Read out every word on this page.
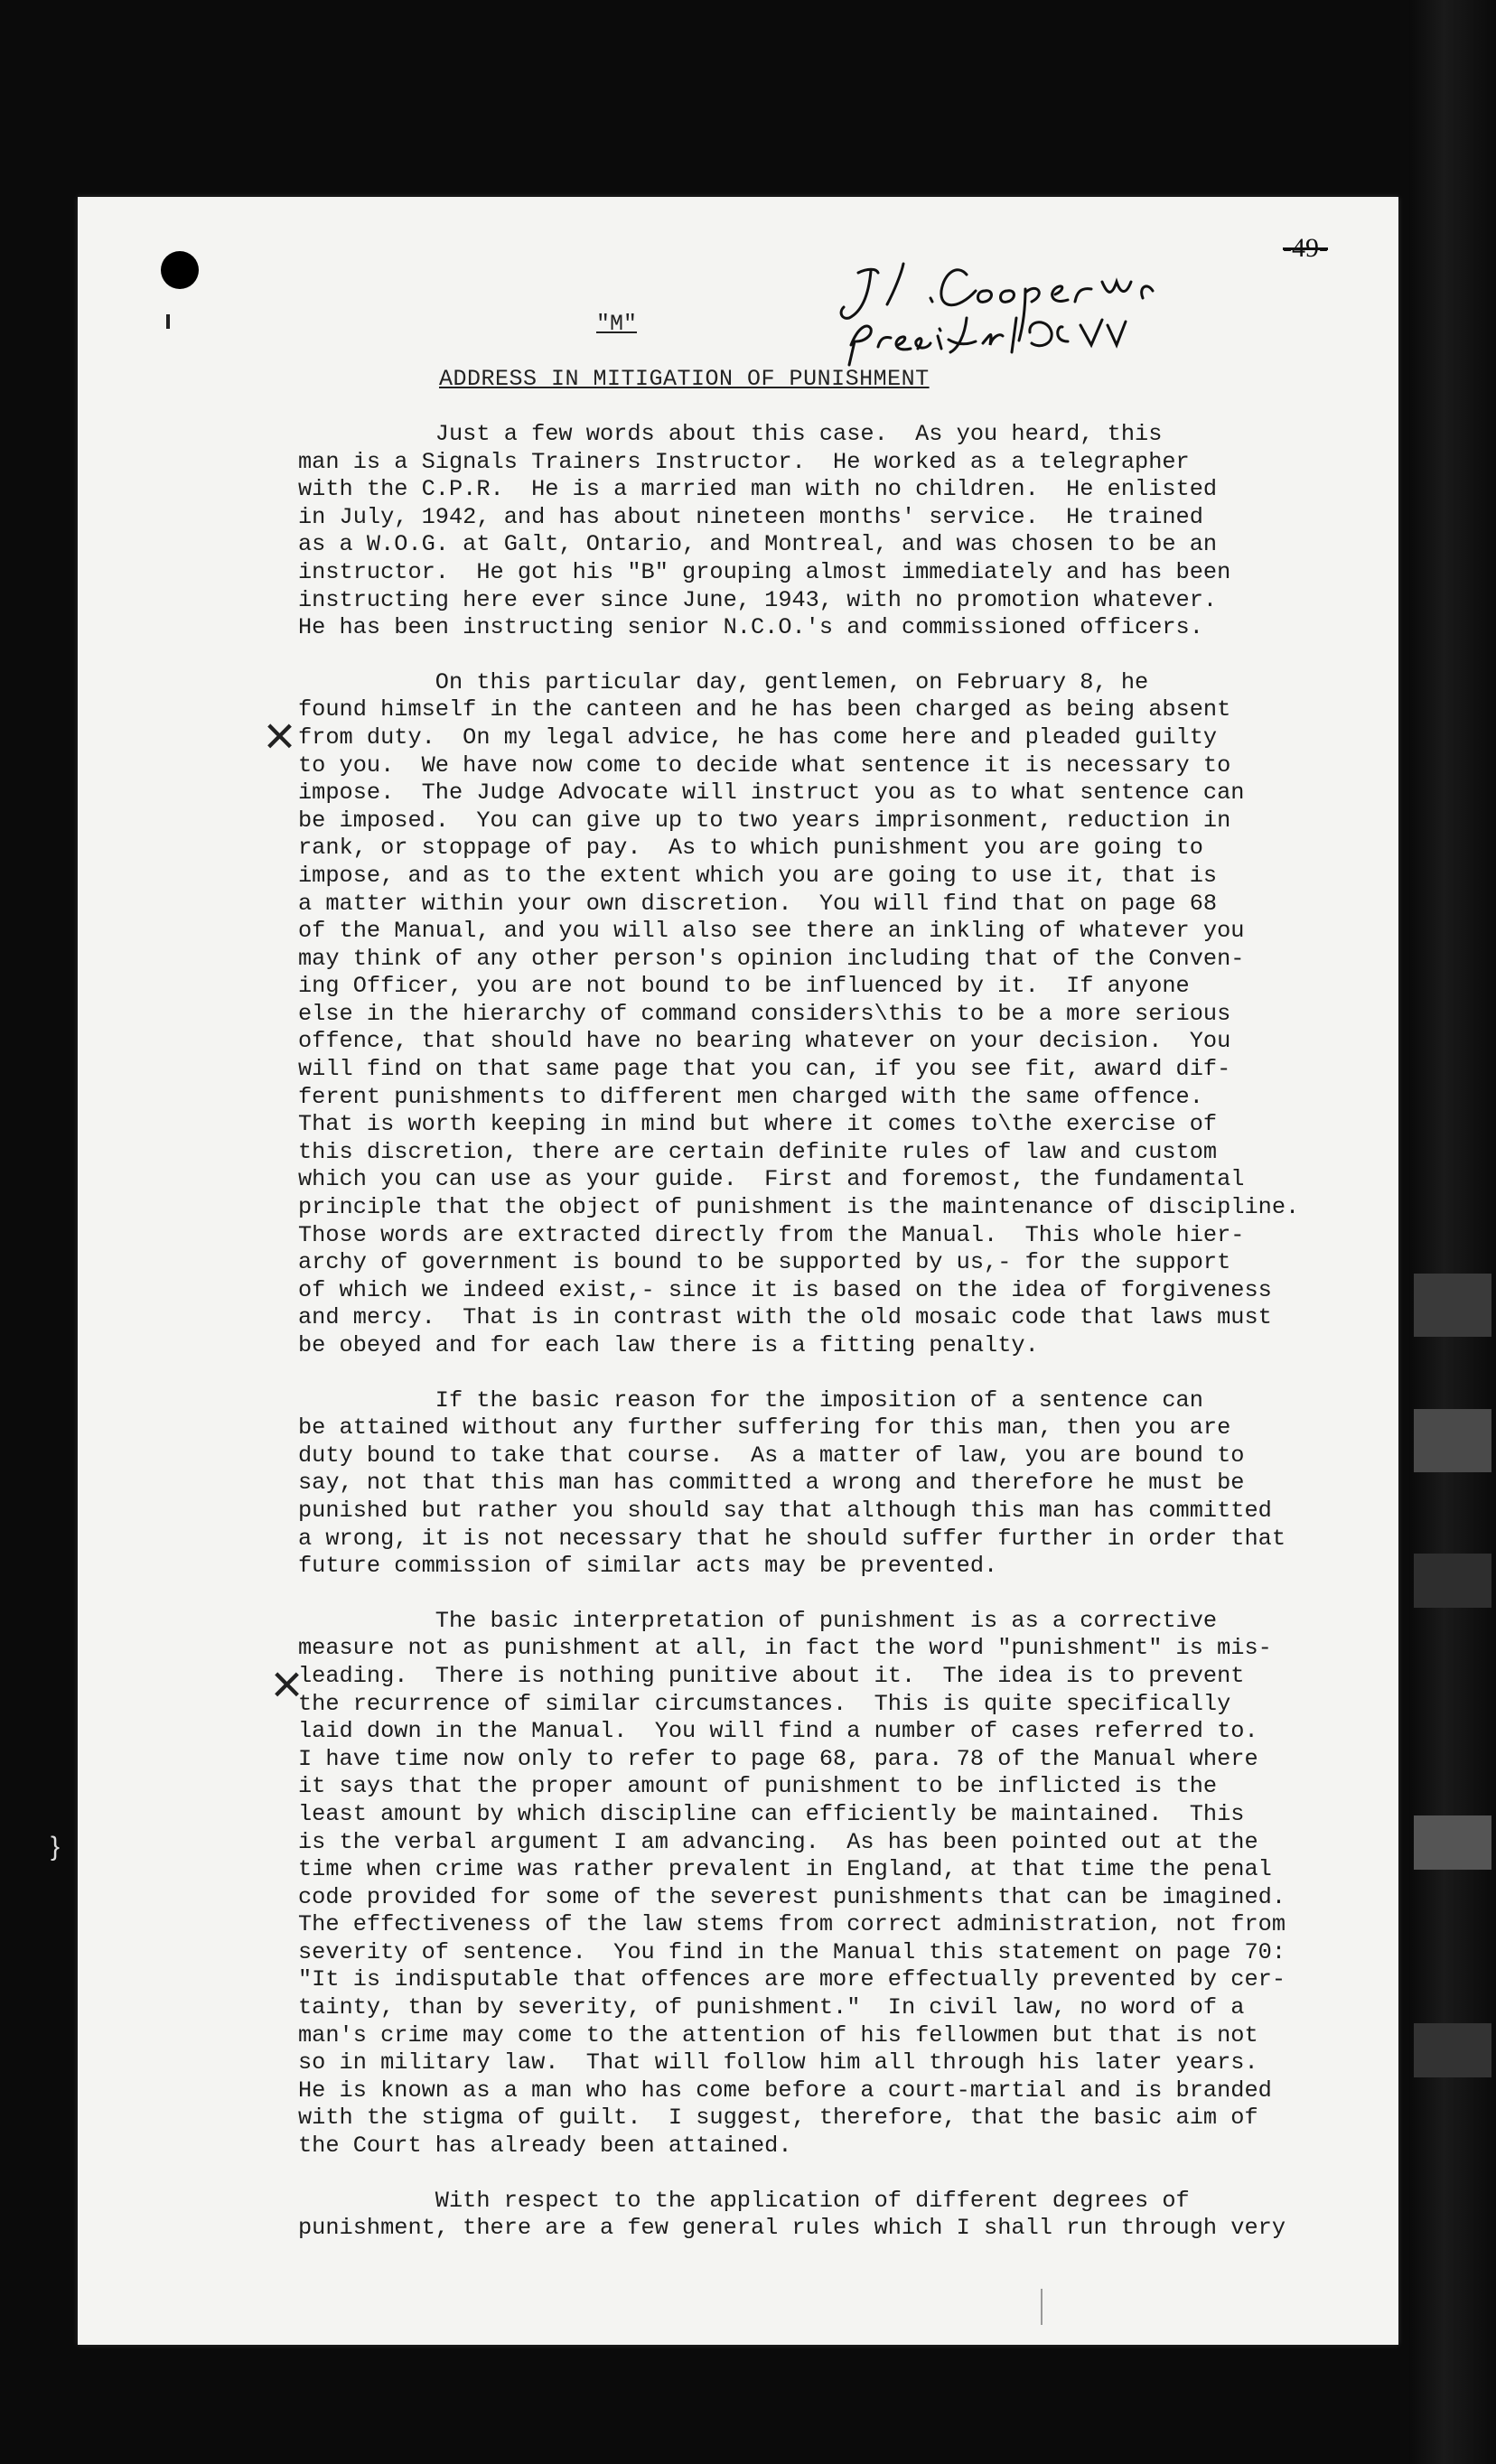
}
-49-
"M"
ADDRESS IN MITIGATION OF PUNISHMENT
Just a few words about this case.  As you heard, this
man is a Signals Trainers Instructor.  He worked as a telegrapher
with the C.P.R.  He is a married man with no children.  He enlisted
in July, 1942, and has about nineteen months' service.  He trained
as a W.O.G. at Galt, Ontario, and Montreal, and was chosen to be an
instructor.  He got his "B" grouping almost immediately and has been
instructing here ever since June, 1943, with no promotion whatever.
He has been instructing senior N.C.O.'s and commissioned officers.
On this particular day, gentlemen, on February 8, he
found himself in the canteen and he has been charged as being absent
from duty.  On my legal advice, he has come here and pleaded guilty
to you.  We have now come to decide what sentence it is necessary to
impose.  The Judge Advocate will instruct you as to what sentence can
be imposed.  You can give up to two years imprisonment, reduction in
rank, or stoppage of pay.  As to which punishment you are going to
impose, and as to the extent which you are going to use it, that is
a matter within your own discretion.  You will find that on page 68
of the Manual, and you will also see there an inkling of whatever you
may think of any other person's opinion including that of the Conven-
ing Officer, you are not bound to be influenced by it.  If anyone
else in the hierarchy of command considers\this to be a more serious
offence, that should have no bearing whatever on your decision.  You
will find on that same page that you can, if you see fit, award dif-
ferent punishments to different men charged with the same offence.
That is worth keeping in mind but where it comes to\the exercise of
this discretion, there are certain definite rules of law and custom
which you can use as your guide.  First and foremost, the fundamental
principle that the object of punishment is the maintenance of discipline.
Those words are extracted directly from the Manual.  This whole hier-
archy of government is bound to be supported by us,- for the support
of which we indeed exist,- since it is based on the idea of forgiveness
and mercy.  That is in contrast with the old mosaic code that laws must
be obeyed and for each law there is a fitting penalty.
If the basic reason for the imposition of a sentence can
be attained without any further suffering for this man, then you are
duty bound to take that course.  As a matter of law, you are bound to
say, not that this man has committed a wrong and therefore he must be
punished but rather you should say that although this man has committed
a wrong, it is not necessary that he should suffer further in order that
future commission of similar acts may be prevented.
The basic interpretation of punishment is as a corrective
measure not as punishment at all, in fact the word "punishment" is mis-
leading.  There is nothing punitive about it.  The idea is to prevent
the recurrence of similar circumstances.  This is quite specifically
laid down in the Manual.  You will find a number of cases referred to.
I have time now only to refer to page 68, para. 78 of the Manual where
it says that the proper amount of punishment to be inflicted is the
least amount by which discipline can efficiently be maintained.  This
is the verbal argument I am advancing.  As has been pointed out at the
time when crime was rather prevalent in England, at that time the penal
code provided for some of the severest punishments that can be imagined.
The effectiveness of the law stems from correct administration, not from
severity of sentence.  You find in the Manual this statement on page 70:
"It is indisputable that offences are more effectually prevented by cer-
tainty, than by severity, of punishment."  In civil law, no word of a
man's crime may come to the attention of his fellowmen but that is not
so in military law.  That will follow him all through his later years.
He is known as a man who has come before a court-martial and is branded
with the stigma of guilt.  I suggest, therefore, that the basic aim of
the Court has already been attained.
With respect to the application of different degrees of
punishment, there are a few general rules which I shall run through very
×
×
